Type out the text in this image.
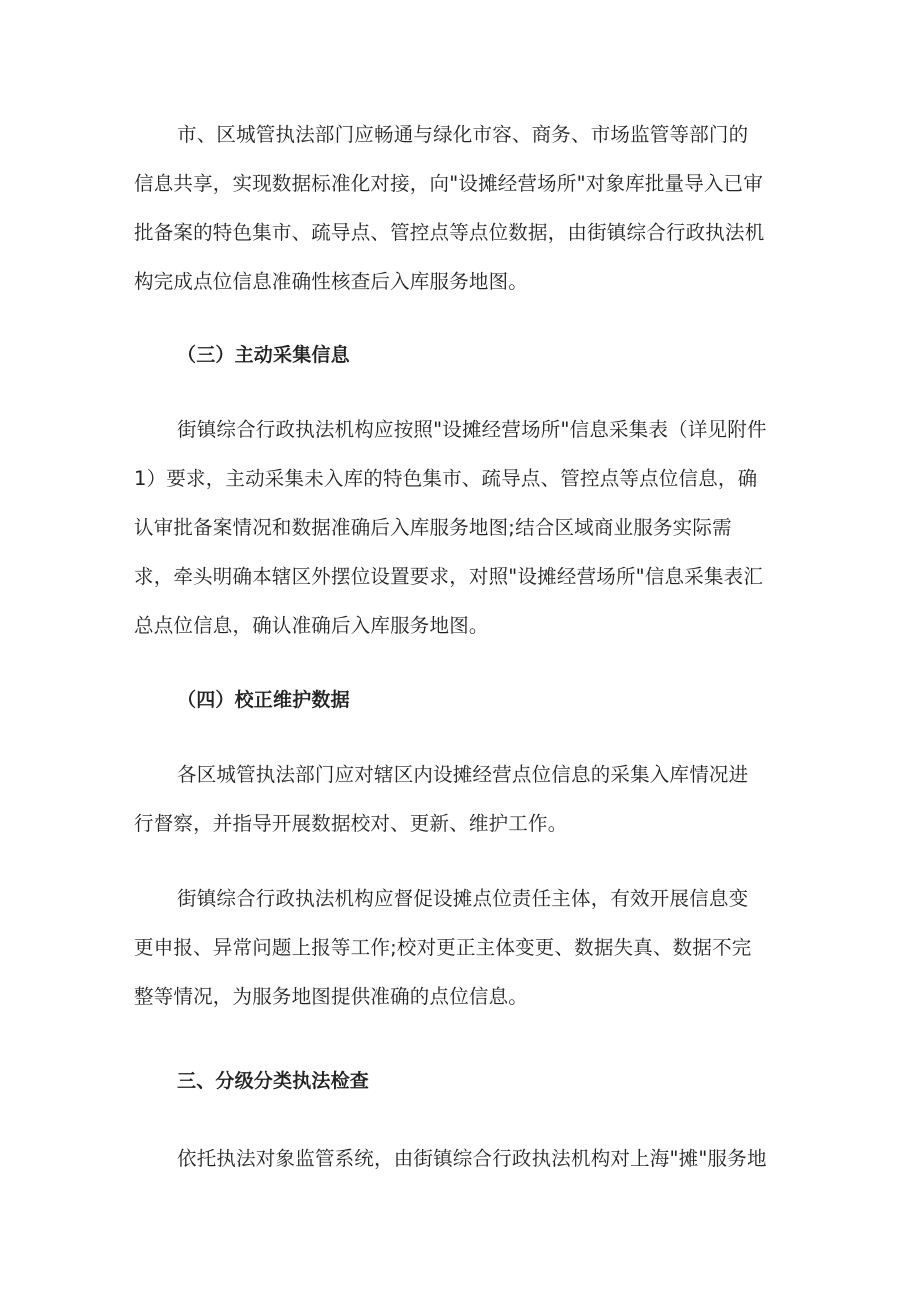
市、区城管执法部门应畅通与绿化市容、商务、市场监管等部门的
信息共享，实现数据标准化对接，向"设摊经营场所"对象库批量导入已审
批备案的特色集市、疏导点、管控点等点位数据，由街镇综合行政执法机
构完成点位信息准确性核查后入库服务地图。
（三）主动采集信息
街镇综合行政执法机构应按照"设摊经营场所"信息采集表（详见附件
1）要求，主动采集未入库的特色集市、疏导点、管控点等点位信息，确
认审批备案情况和数据准确后入库服务地图;结合区域商业服务实际需
求，牵头明确本辖区外摆位设置要求，对照"设摊经营场所"信息采集表汇
总点位信息，确认准确后入库服务地图。
（四）校正维护数据
各区城管执法部门应对辖区内设摊经营点位信息的采集入库情况进
行督察，并指导开展数据校对、更新、维护工作。
街镇综合行政执法机构应督促设摊点位责任主体，有效开展信息变
更申报、异常问题上报等工作;校对更正主体变更、数据失真、数据不完
整等情况，为服务地图提供准确的点位信息。
三、分级分类执法检查
依托执法对象监管系统，由街镇综合行政执法机构对上海"摊"服务地
